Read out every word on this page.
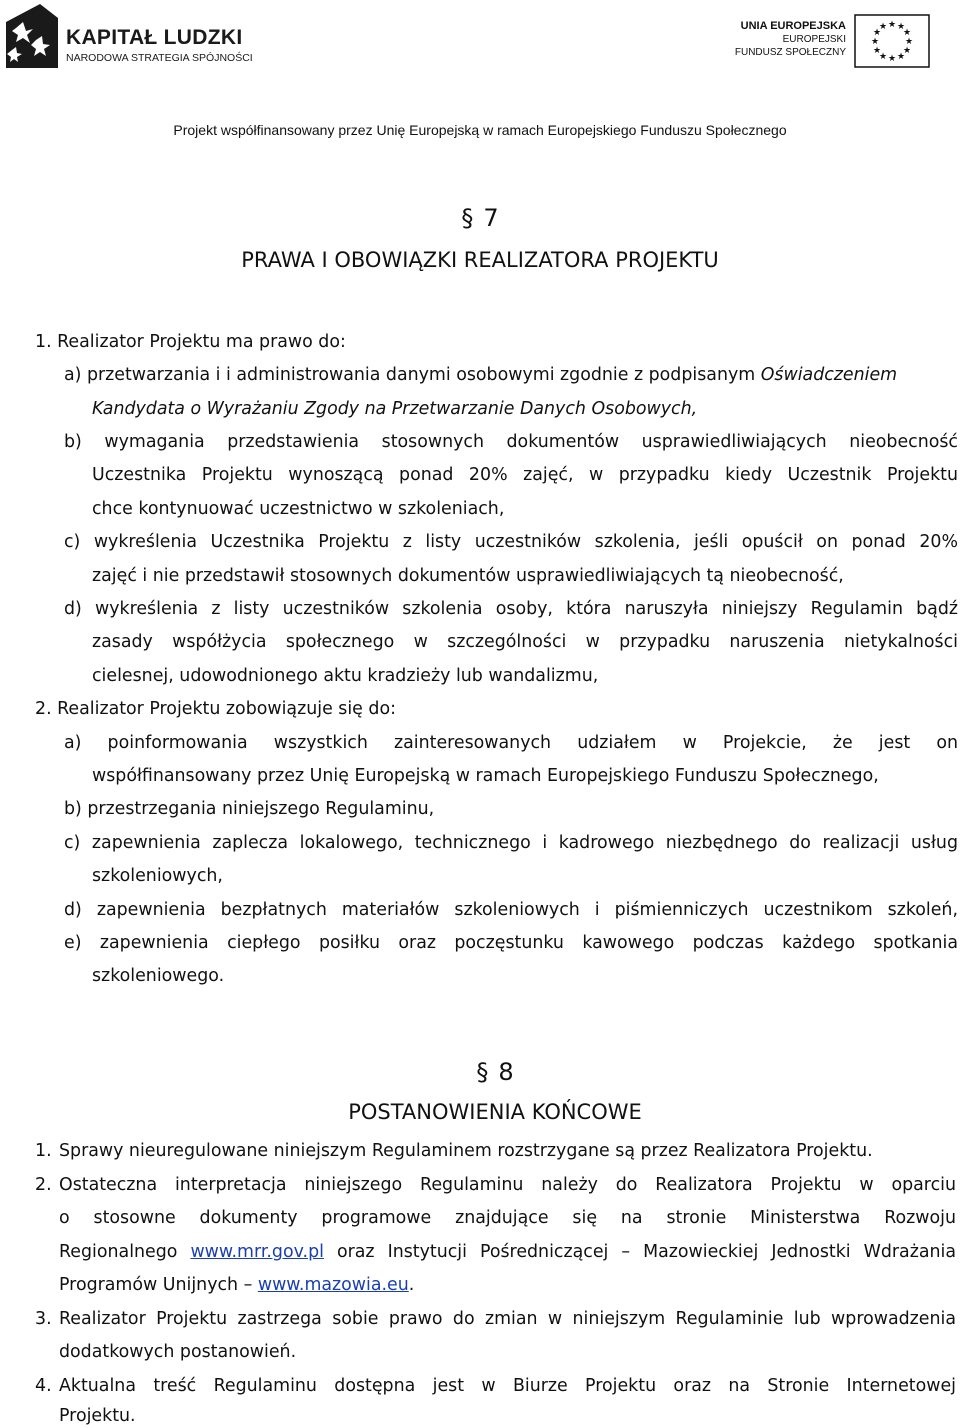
KAPITAŁ LUDZKI
NARODOWA STRATEGIA SPÓJNOŚCI
UNIA EUROPEJSKA
EUROPEJSKI
FUNDUSZ SPOŁECZNY
★ ★
★
★
★
★
★
★
★
★
★
★
Projekt współfinansowany przez Unię Europejską w ramach Europejskiego Funduszu Społecznego
§ 7
PRAWA I OBOWIĄZKI REALIZATORA PROJEKTU
1. Realizator Projektu ma prawo do:
a) przetwarzania i i administrowania danymi osobowymi zgodnie z podpisanym Oświadczeniem
Kandydata o Wyrażaniu Zgody na Przetwarzanie Danych Osobowych,
b) wymagania przedstawienia stosownych dokumentów usprawiedliwiających nieobecność
Uczestnika Projektu wynoszącą ponad 20% zajęć, w przypadku kiedy Uczestnik Projektu
chce kontynuować uczestnictwo w szkoleniach,
c) wykreślenia Uczestnika Projektu z listy uczestników szkolenia, jeśli opuścił on ponad 20%
zajęć i nie przedstawił stosownych dokumentów usprawiedliwiających tą nieobecność,
d) wykreślenia z listy uczestników szkolenia osoby, która naruszyła niniejszy Regulamin bądź
zasady współżycia społecznego w szczególności w przypadku naruszenia nietykalności
cielesnej, udowodnionego aktu kradzieży lub wandalizmu,
2. Realizator Projektu zobowiązuje się do:
a) poinformowania wszystkich zainteresowanych udziałem w Projekcie, że jest on
współfinansowany przez Unię Europejską w ramach Europejskiego Funduszu Społecznego,
b) przestrzegania niniejszego Regulaminu,
c) zapewnienia zaplecza lokalowego, technicznego i kadrowego niezbędnego do realizacji usług
szkoleniowych,
d) zapewnienia bezpłatnych materiałów szkoleniowych i piśmienniczych uczestnikom szkoleń,
e) zapewnienia ciepłego posiłku oraz poczęstunku kawowego podczas każdego spotkania
szkoleniowego.
§ 8
POSTANOWIENIA KOŃCOWE
1. Sprawy nieuregulowane niniejszym Regulaminem rozstrzygane są przez Realizatora Projektu.
2. Ostateczna interpretacja niniejszego Regulaminu należy do Realizatora Projektu w oparciu
o stosowne dokumenty programowe znajdujące się na stronie Ministerstwa Rozwoju
Regionalnego www.mrr.gov.pl oraz Instytucji Pośredniczącej – Mazowieckiej Jednostki Wdrażania
Programów Unijnych – www.mazowia.eu.
3. Realizator Projektu zastrzega sobie prawo do zmian w niniejszym Regulaminie lub wprowadzenia
dodatkowych postanowień.
4. Aktualna treść Regulaminu dostępna jest w Biurze Projektu oraz na Stronie Internetowej
Projektu.
